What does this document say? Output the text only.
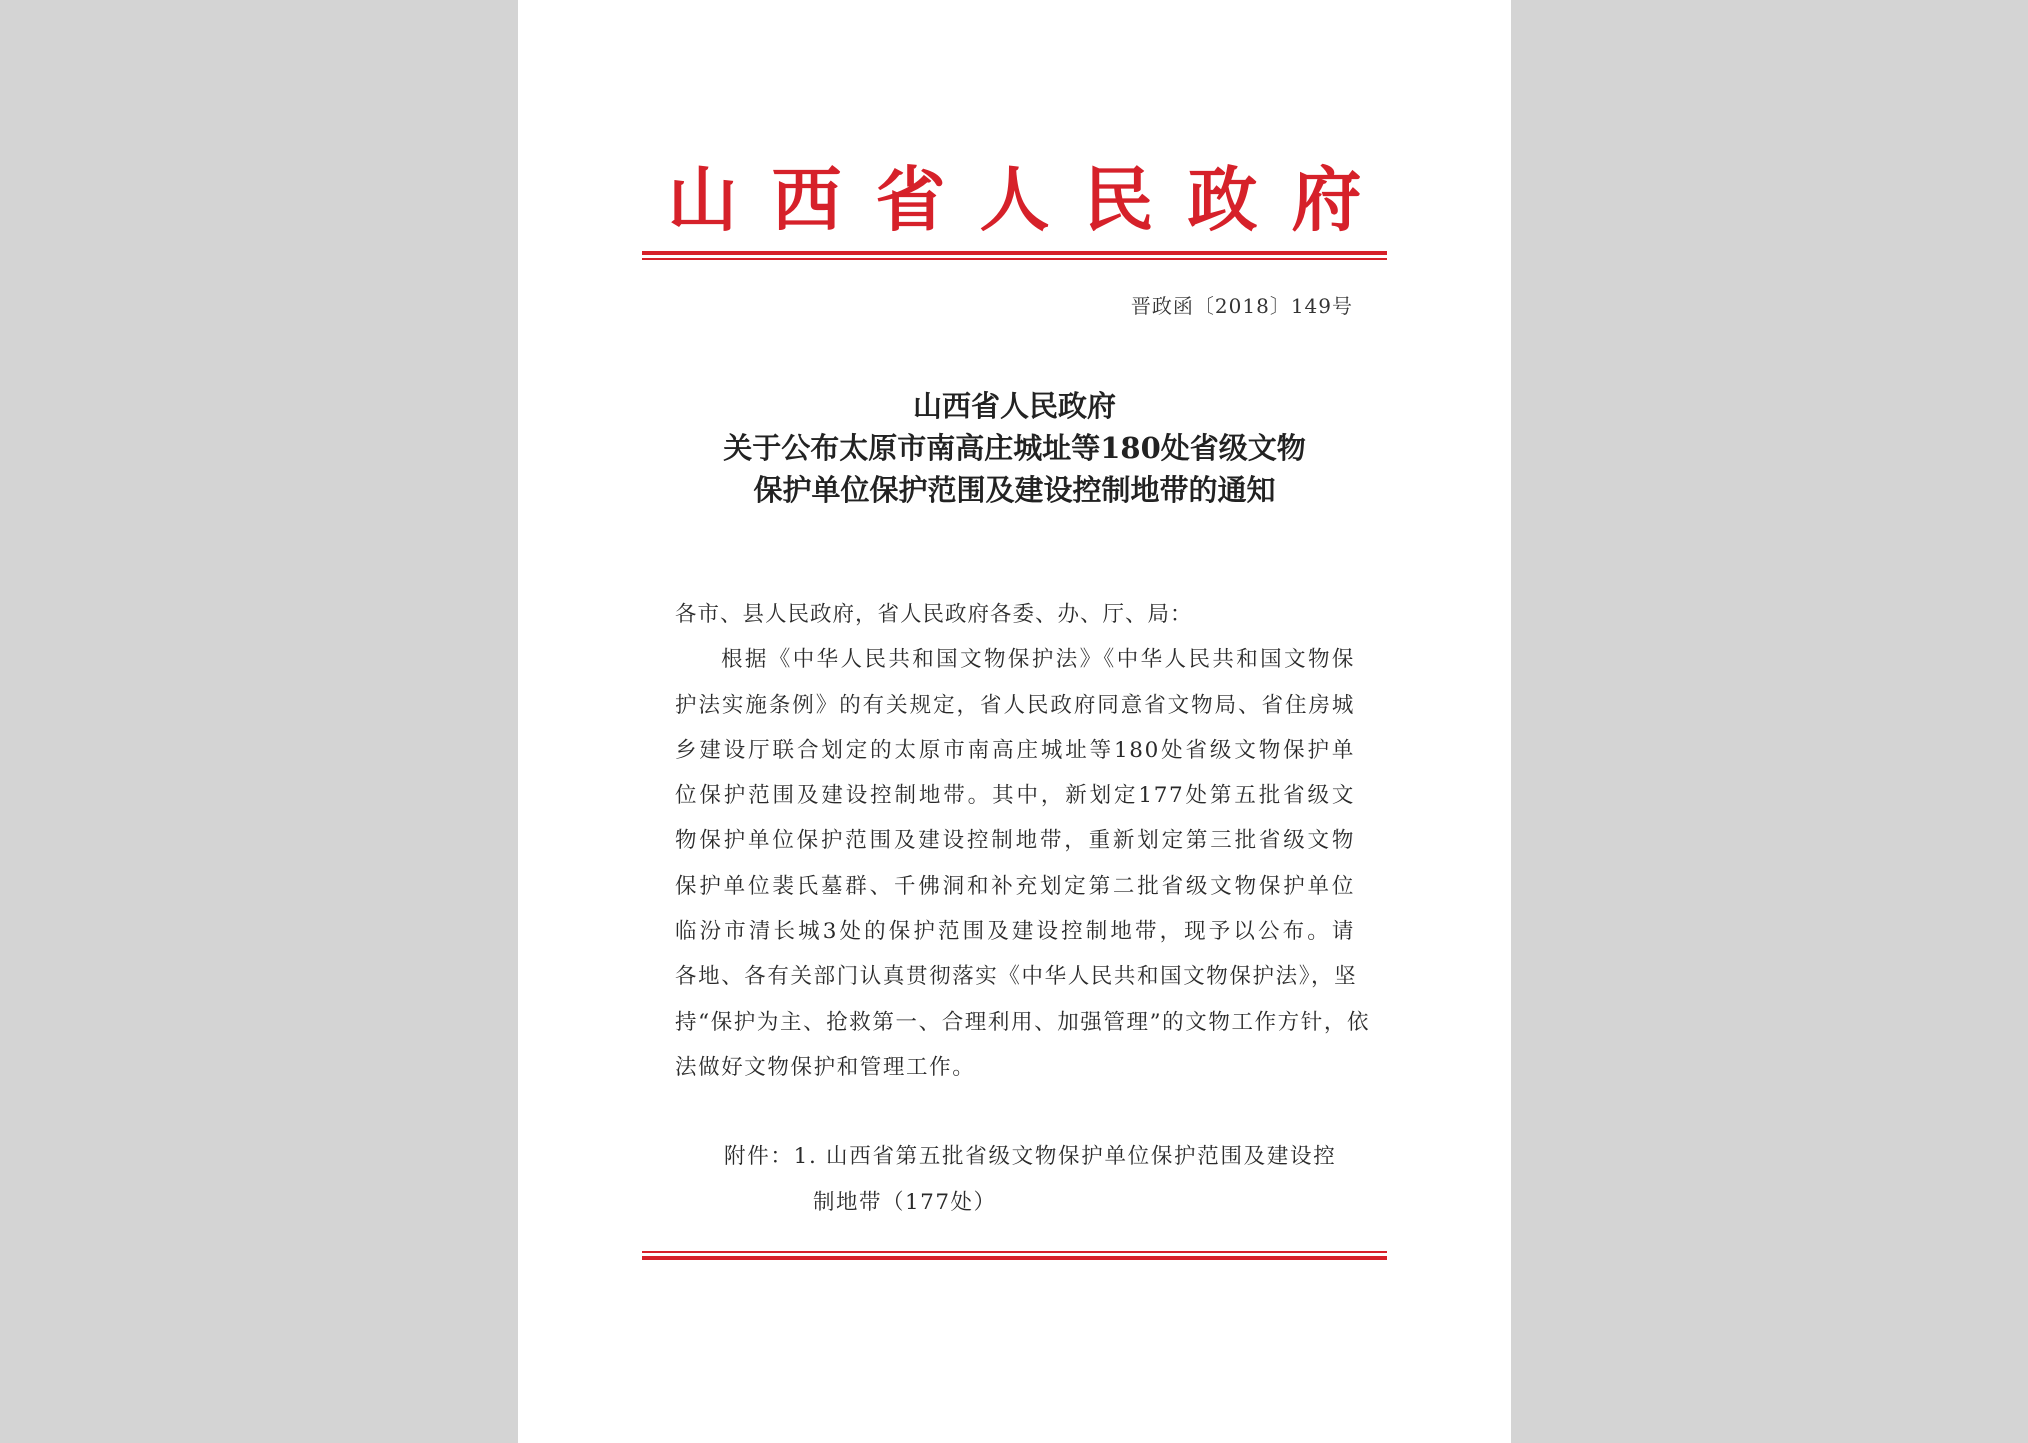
山西省人民政府
晋政函〔2018〕149号
山西省人民政府
关于公布太原市南高庄城址等180处省级文物
保护单位保护范围及建设控制地带的通知

各市、县人民政府，省人民政府各委、办、厅、局：

根据《中华人民共和国文物保护法》《中华人民共和国文物保
护法实施条例》的有关规定，省人民政府同意省文物局、省住房城
乡建设厅联合划定的太原市南高庄城址等180处省级文物保护单
位保护范围及建设控制地带。其中，新划定177处第五批省级文
物保护单位保护范围及建设控制地带，重新划定第三批省级文物
保护单位裴氏墓群、千佛洞和补充划定第二批省级文物保护单位
临汾市清长城3处的保护范围及建设控制地带，现予以公布。请
各地、各有关部门认真贯彻落实《中华人民共和国文物保护法》，坚
持“保护为主、抢救第一、合理利用、加强管理”的文物工作方针，依
法做好文物保护和管理工作。
附件：1. 山西省第五批省级文物保护单位保护范围及建设控
制地带（177处）
